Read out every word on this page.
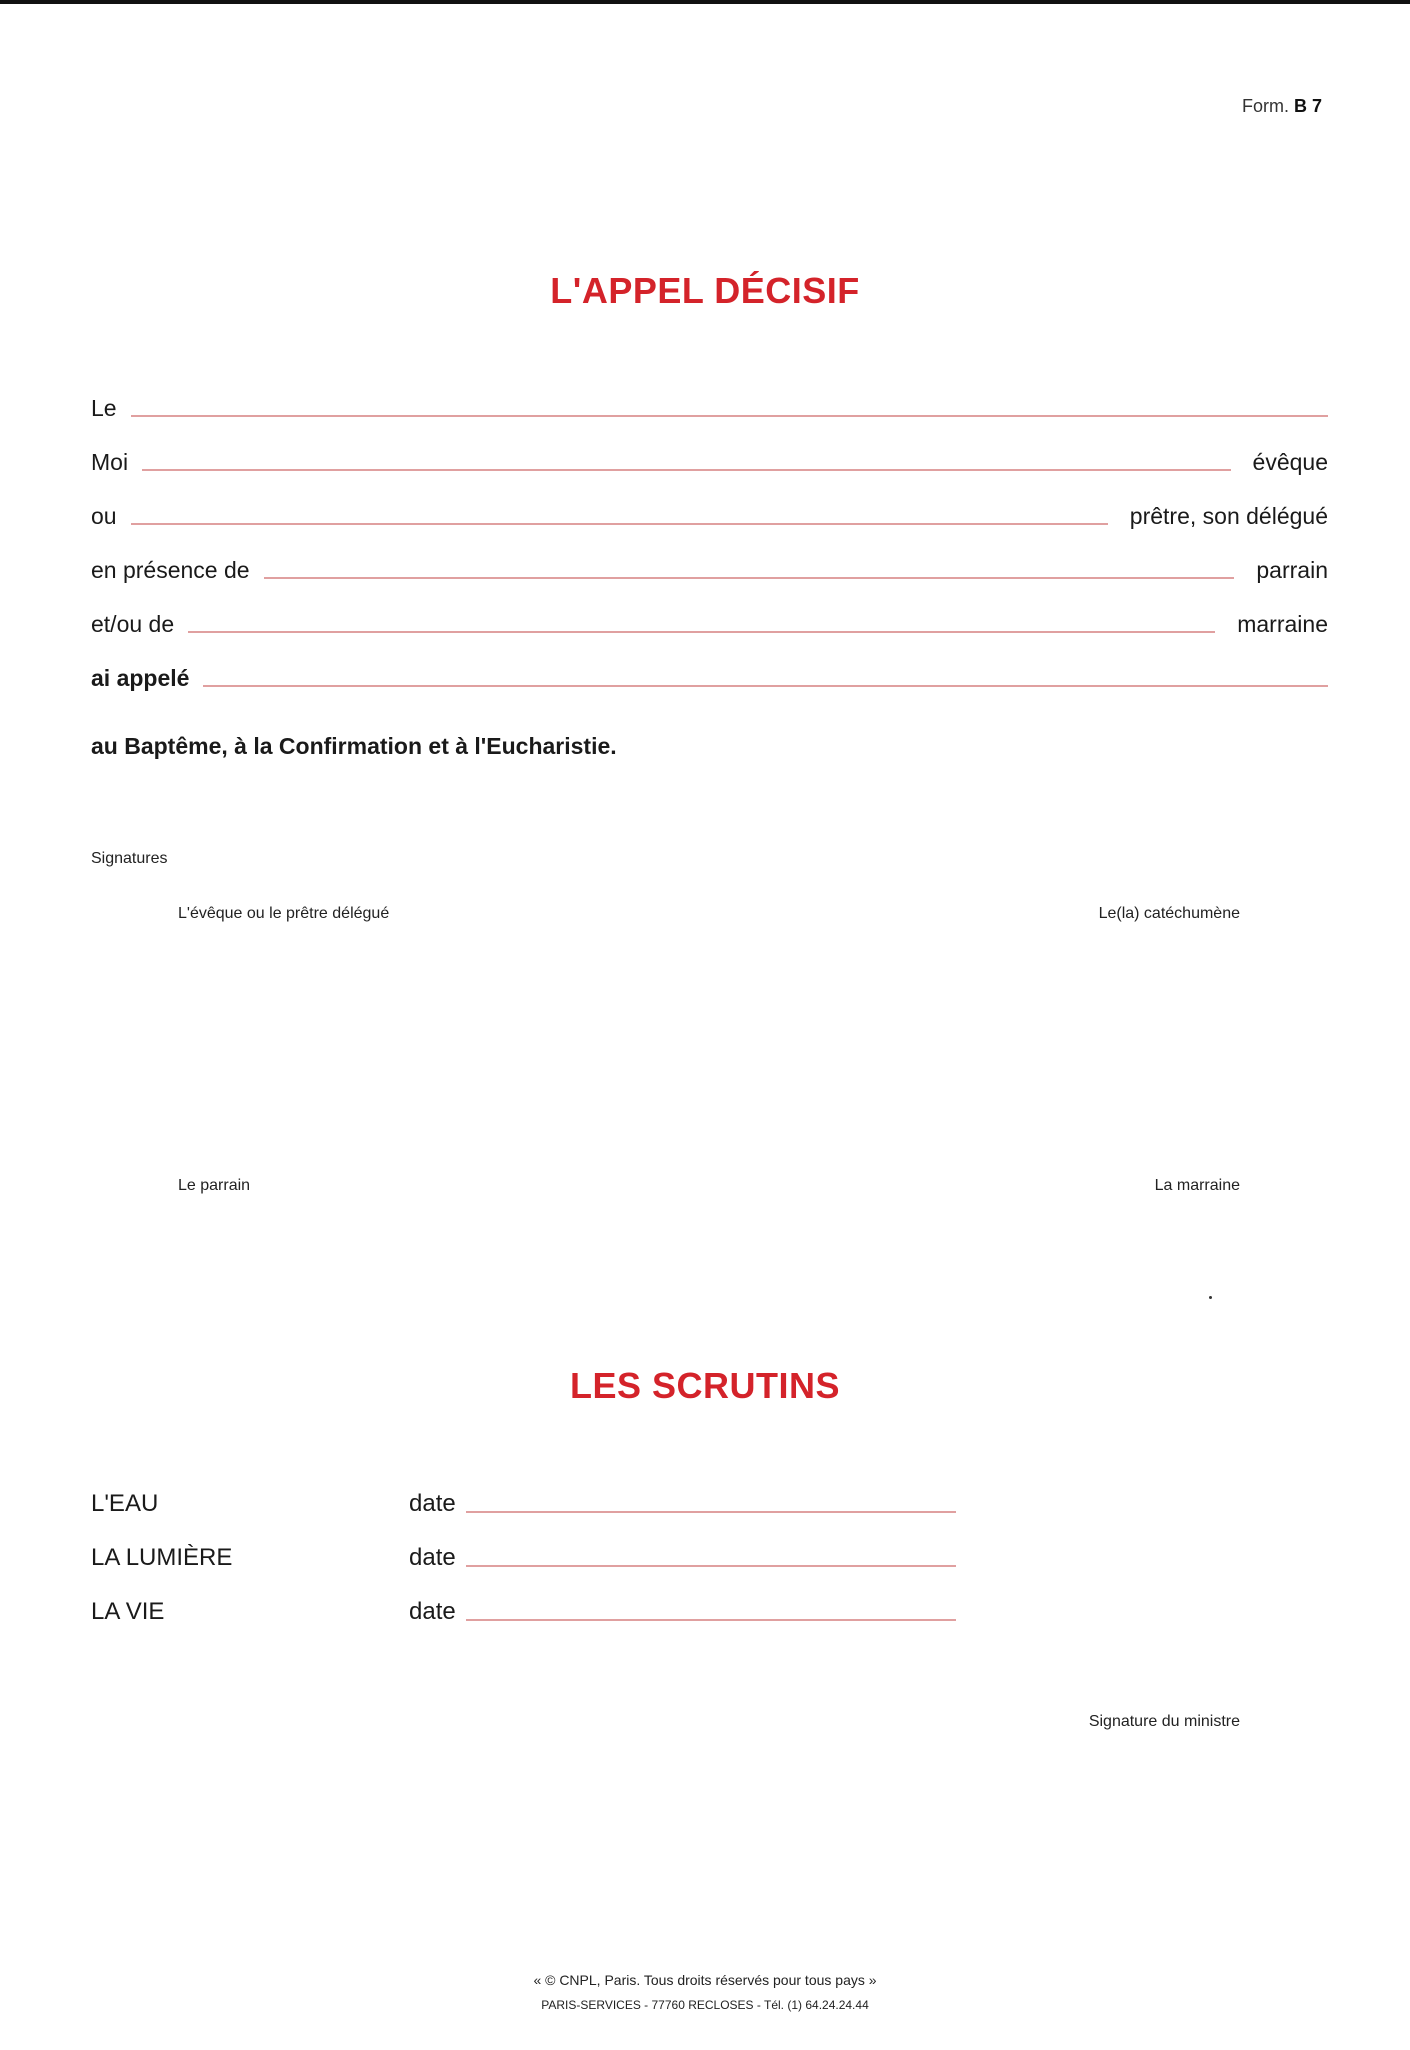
Form. B 7
L'APPEL DÉCISIF
Le
Moi	évêque
ou	prêtre, son délégué
en présence de	parrain
et/ou de	marraine
ai appelé
au Baptême, à la Confirmation et à l'Eucharistie.
Signatures
L'évêque ou le prêtre délégué	Le(la) catéchumène
Le parrain	La marraine
LES SCRUTINS
L'EAU	date
LA LUMIÈRE	date
LA VIE	date
Signature du ministre
« © CNPL, Paris. Tous droits réservés pour tous pays »
PARIS-SERVICES - 77760 RECLOSES - Tél. (1) 64.24.24.44
